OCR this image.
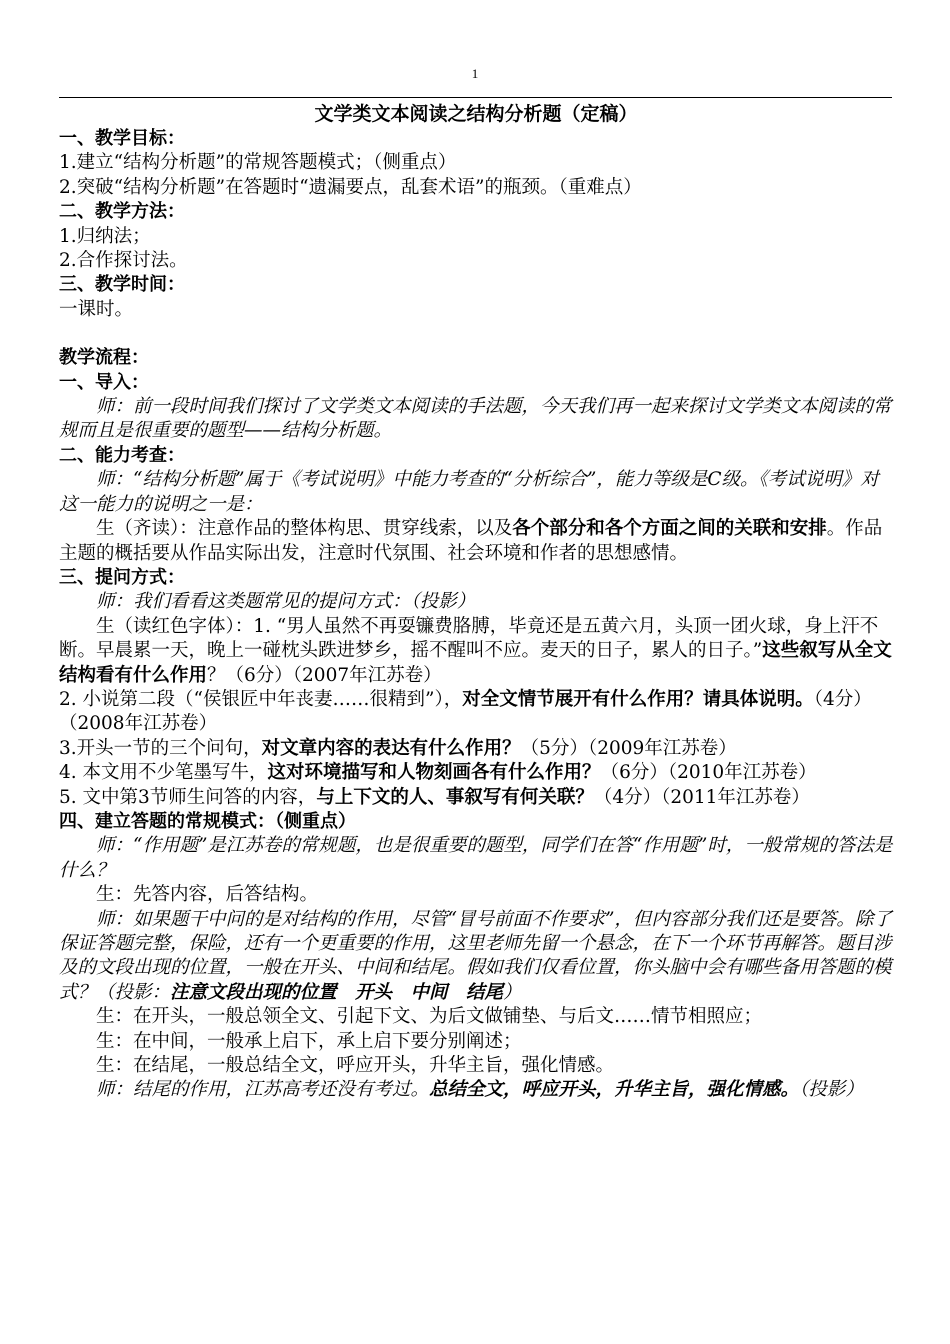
1
文学类文本阅读之结构分析题（定稿）

一、教学目标：

1.建立“结构分析题”的常规答题模式；（侧重点）

2.突破“结构分析题”在答题时“遗漏要点，乱套术语”的瓶颈。（重难点）

二、教学方法：

1.归纳法；

2.合作探讨法。

三、教学时间：

一课时。

教学流程：

一、导入：

师：前一段时间我们探讨了文学类文本阅读的手法题，今天我们再一起来探讨文学类文本阅读的常规而且是很重要的题型——结构分析题。

二、能力考查：

师：“结构分析题”属于《考试说明》中能力考查的“分析综合”，能力等级是C级。《考试说明》对这一能力的说明之一是：

生（齐读）：注意作品的整体构思、贯穿线索，以及各个部分和各个方面之间的关联和安排。作品主题的概括要从作品实际出发，注意时代氛围、社会环境和作者的思想感情。

三、提问方式：

师：我们看看这类题常见的提问方式：（投影）

生（读红色字体）：1. “男人虽然不再耍镰费胳膊，毕竟还是五黄六月，头顶一团火球，身上汗不断。早晨累一天，晚上一碰枕头跌进梦乡，摇不醒叫不应。麦天的日子，累人的日子。”这些叙写从全文结构看有什么作用？（6分）（2007年江苏卷）

2. 小说第二段（“侯银匠中年丧妻……很精到”），对全文情节展开有什么作用？请具体说明。（4分）（2008年江苏卷）

3.开头一节的三个问句，对文章内容的表达有什么作用？（5分）（2009年江苏卷）

4. 本文用不少笔墨写牛，这对环境描写和人物刻画各有什么作用？（6分）（2010年江苏卷）

5. 文中第3节师生问答的内容，与上下文的人、事叙写有何关联？（4分）（2011年江苏卷）

四、建立答题的常规模式：（侧重点）

师：“作用题”是江苏卷的常规题，也是很重要的题型，同学们在答“作用题”时，一般常规的答法是什么？

生：先答内容，后答结构。

师：如果题干中问的是对结构的作用，尽管“冒号前面不作要求”，但内容部分我们还是要答。除了保证答题完整，保险，还有一个更重要的作用，这里老师先留一个悬念，在下一个环节再解答。题目涉及的文段出现的位置，一般在开头、中间和结尾。假如我们仅看位置，你头脑中会有哪些备用答题的模式？（投影：注意文段出现的位置　开头　中间　结尾）

生：在开头，一般总领全文、引起下文、为后文做铺垫、与后文……情节相照应；

生：在中间，一般承上启下，承上启下要分别阐述；

生：在结尾，一般总结全文，呼应开头，升华主旨，强化情感。

师：结尾的作用，江苏高考还没有考过。总结全文，呼应开头，升华主旨，强化情感。（投影）
